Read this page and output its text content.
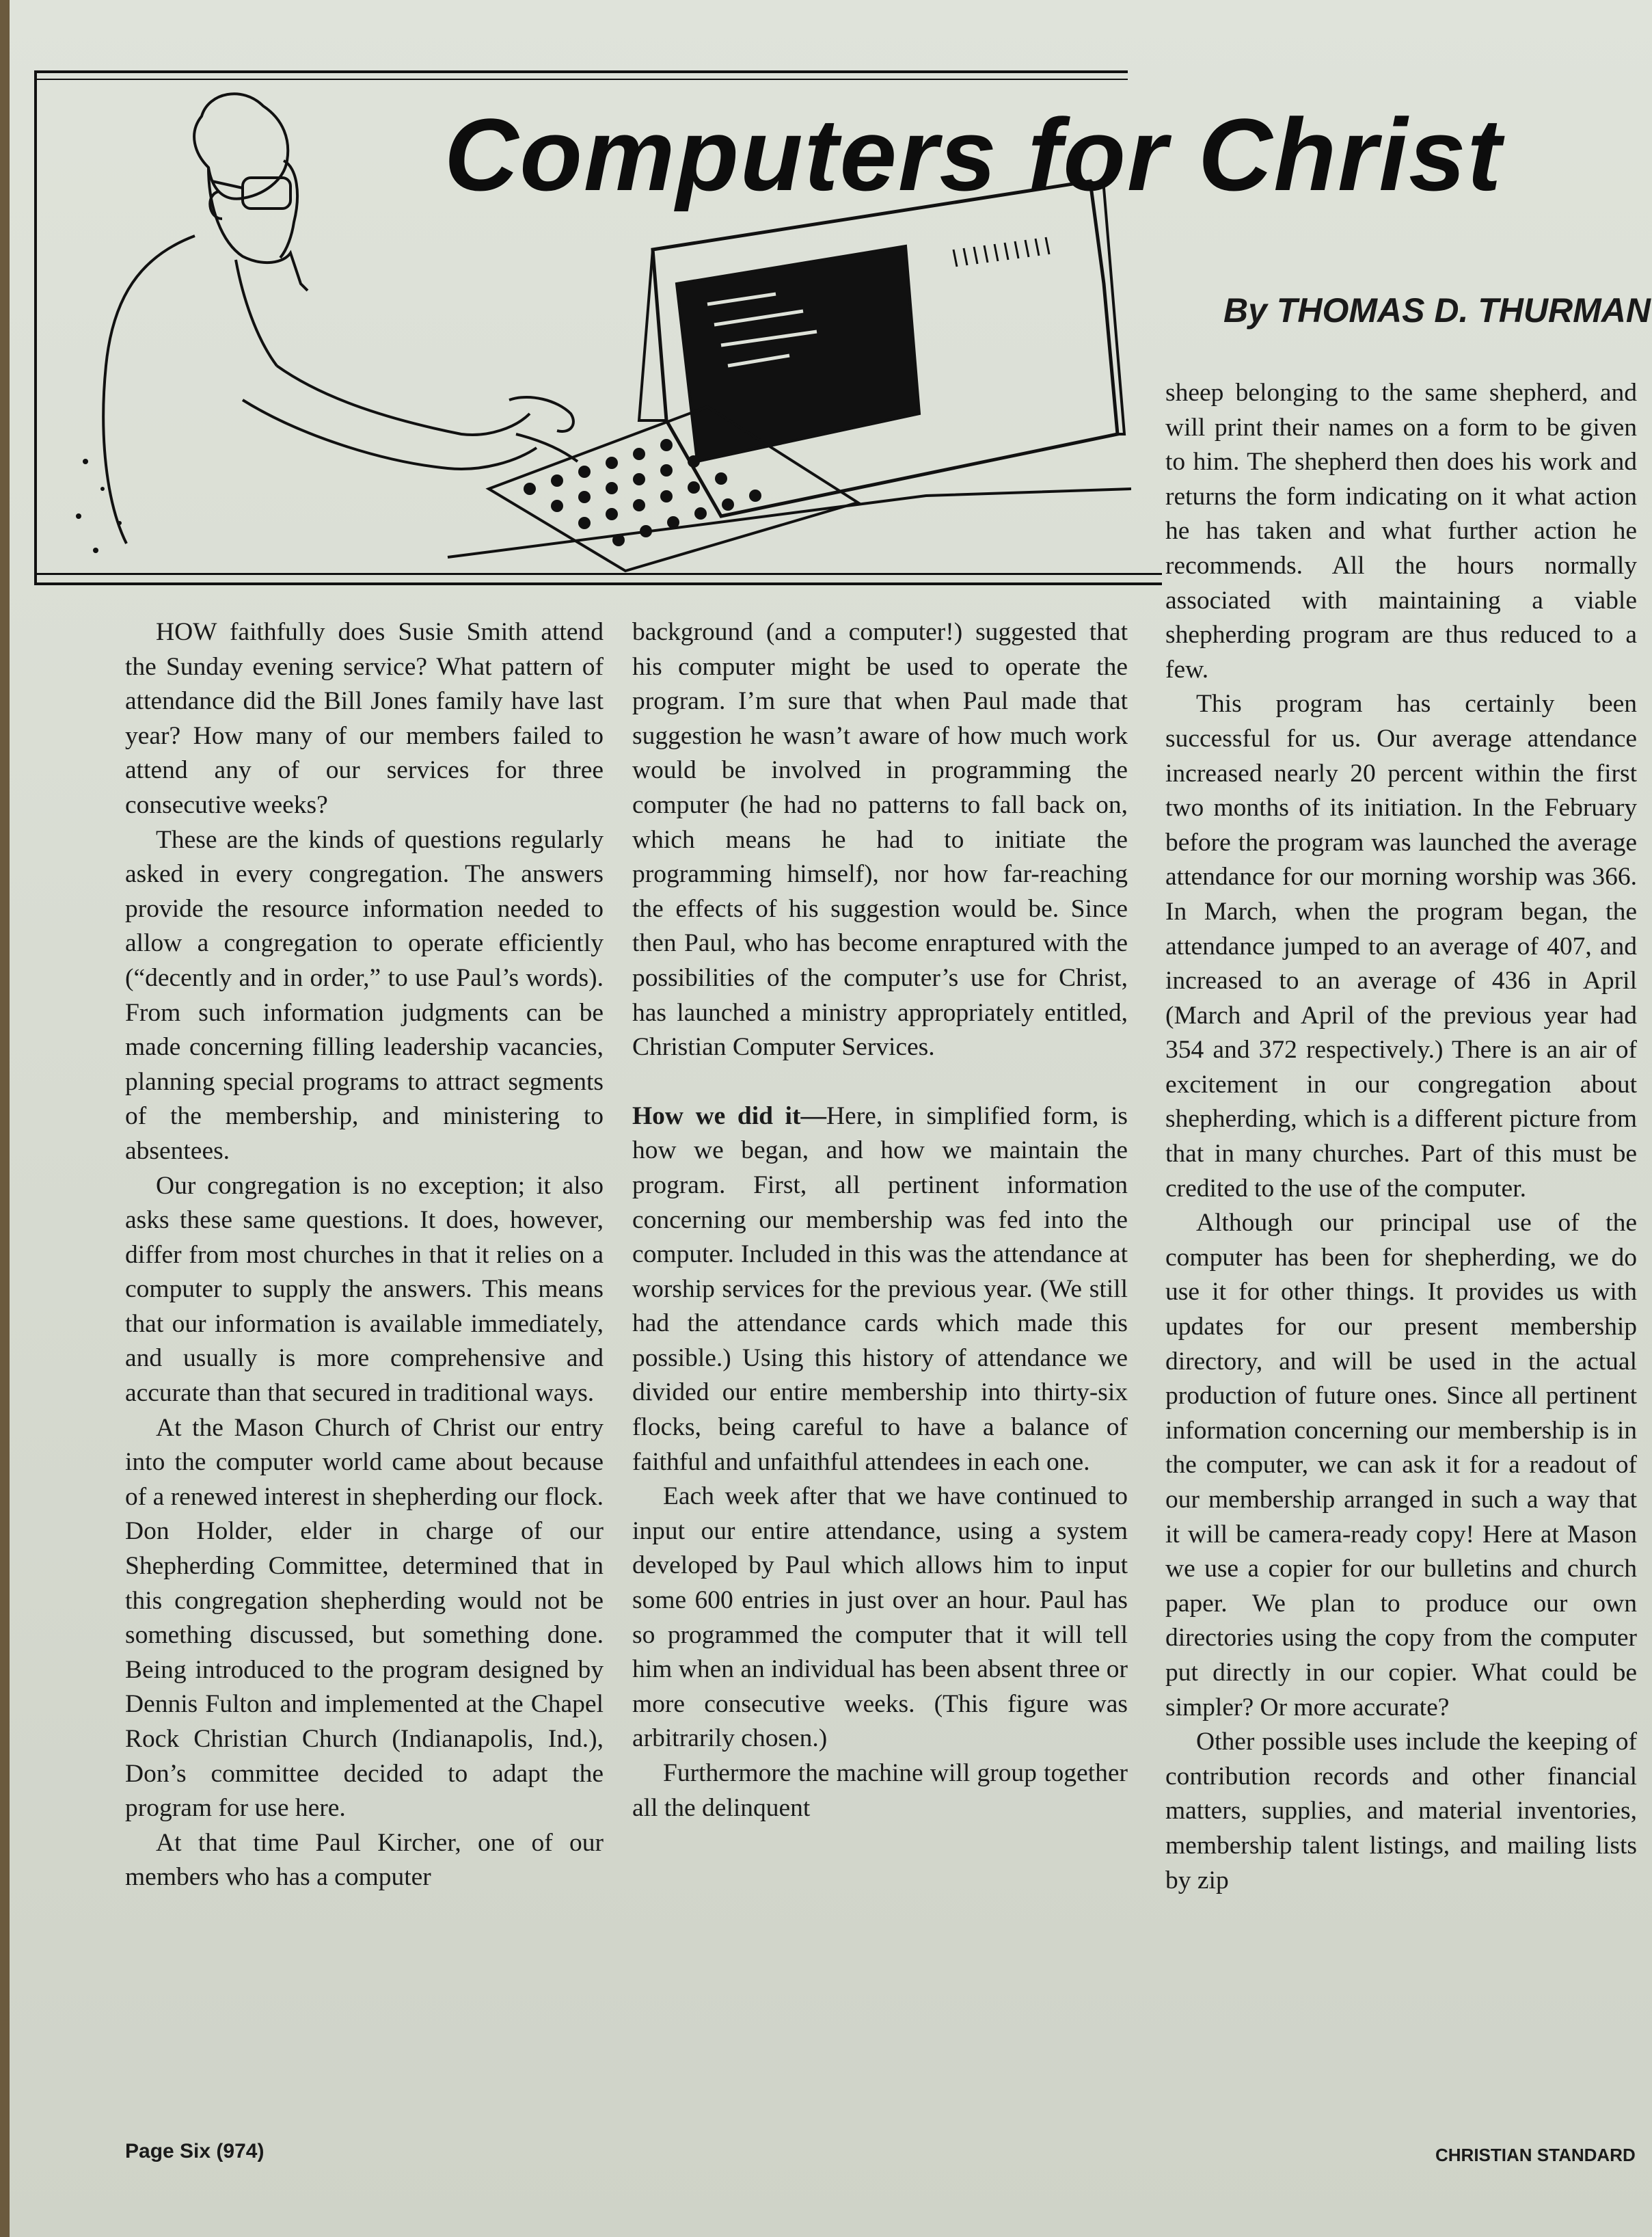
Computers for Christ
By THOMAS D. THURMAN

HOW faithfully does Susie Smith attend the Sunday evening service? What pattern of attendance did the Bill Jones family have last year? How many of our members failed to attend any of our services for three consecutive weeks?

These are the kinds of questions regularly asked in every congregation. The answers provide the resource information needed to allow a congregation to operate efficiently (“decently and in order,” to use Paul’s words). From such information judgments can be made concerning filling leadership vacancies, planning special programs to attract segments of the membership, and ministering to absentees.

Our congregation is no exception; it also asks these same questions. It does, however, differ from most churches in that it relies on a computer to supply the answers. This means that our information is available immediately, and usually is more comprehensive and accurate than that secured in traditional ways.

At the Mason Church of Christ our entry into the computer world came about because of a renewed interest in shepherding our flock. Don Holder, elder in charge of our Shepherding Committee, determined that in this congregation shepherding would not be something discussed, but something done. Being introduced to the program designed by Dennis Fulton and implemented at the Chapel Rock Christian Church (Indianapolis, Ind.), Don’s committee decided to adapt the program for use here.

At that time Paul Kircher, one of our members who has a computer

background (and a computer!) suggested that his computer might be used to operate the program. I’m sure that when Paul made that suggestion he wasn’t aware of how much work would be involved in programming the computer (he had no patterns to fall back on, which means he had to initiate the programming himself), nor how far-reaching the effects of his suggestion would be. Since then Paul, who has become enraptured with the possibilities of the computer’s use for Christ, has launched a ministry appropriately entitled, Christian Computer Services.

How we did it—Here, in simplified form, is how we began, and how we maintain the program. First, all pertinent information concerning our membership was fed into the computer. Included in this was the attendance at worship services for the previous year. (We still had the attendance cards which made this possible.) Using this history of attendance we divided our entire membership into thirty-six flocks, being careful to have a balance of faithful and unfaithful attendees in each one.

Each week after that we have continued to input our entire attendance, using a system developed by Paul which allows him to input some 600 entries in just over an hour. Paul has so programmed the computer that it will tell him when an individual has been absent three or more consecutive weeks. (This figure was arbitrarily chosen.)

Furthermore the machine will group together all the delinquent

sheep belonging to the same shepherd, and will print their names on a form to be given to him. The shepherd then does his work and returns the form indicating on it what action he has taken and what further action he recommends. All the hours normally associated with maintaining a viable shepherding program are thus reduced to a few.

This program has certainly been successful for us. Our average attendance increased nearly 20 percent within the first two months of its initiation. In the February before the program was launched the average attendance for our morning worship was 366. In March, when the program began, the attendance jumped to an average of 407, and increased to an average of 436 in April (March and April of the previous year had 354 and 372 respectively.) There is an air of excitement in our congregation about shepherding, which is a different picture from that in many churches. Part of this must be credited to the use of the computer.

Although our principal use of the computer has been for shepherding, we do use it for other things. It provides us with updates for our present membership directory, and will be used in the actual production of future ones. Since all pertinent information concerning our membership is in the computer, we can ask it for a readout of our membership arranged in such a way that it will be camera-ready copy! Here at Mason we use a copier for our bulletins and church paper. We plan to produce our own directories using the copy from the computer put directly in our copier. What could be simpler? Or more accurate?

Other possible uses include the keeping of contribution records and other financial matters, supplies, and material inventories, membership talent listings, and mailing lists by zip

Page Six (974)	CHRISTIAN STANDARD
